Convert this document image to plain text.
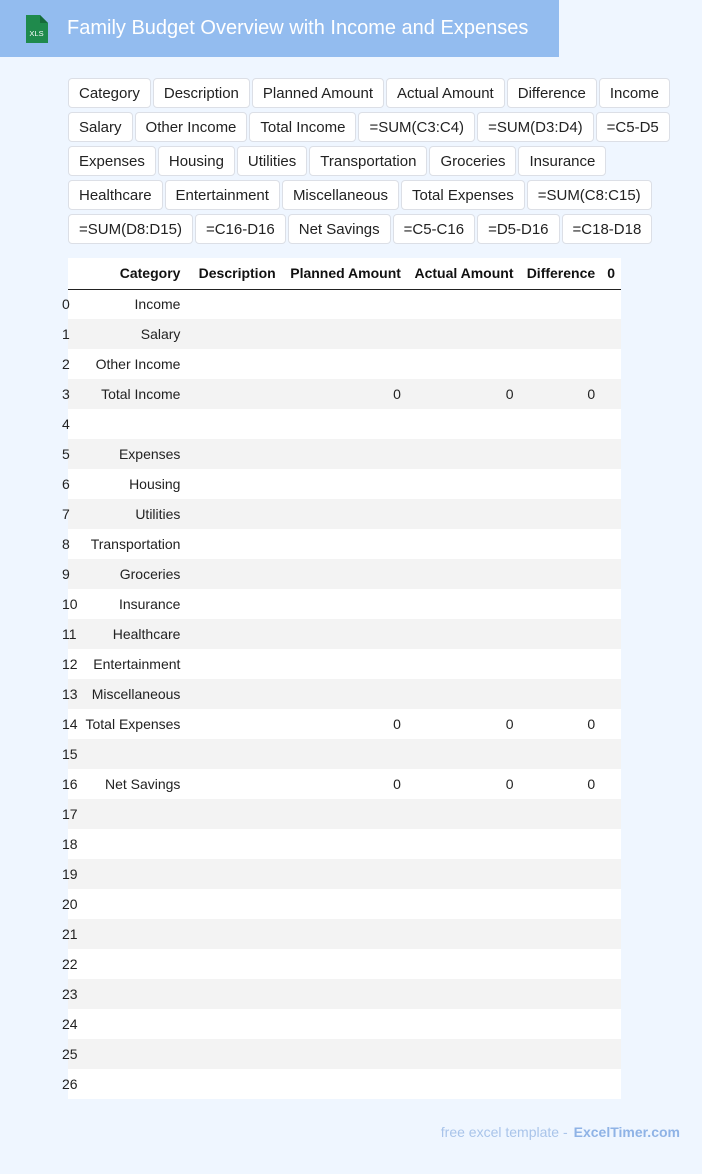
XLS Family Budget Overview with Income and Expenses
Category	Description	Planned Amount	Actual Amount	Difference	Income
Salary	Other Income	Total Income	=SUM(C3:C4)	=SUM(D3:D4)	=C5-D5
Expenses	Housing	Utilities	Transportation	Groceries	Insurance
Healthcare	Entertainment	Miscellaneous	Total Expenses	=SUM(C8:C15)
=SUM(D8:D15)	=C16-D16	Net Savings	=C5-C16	=D5-D16	=C18-D18
	Category	Description	Planned Amount	Actual Amount	Difference	0
0	Income					
1	Salary					
2	Other Income					
3	Total Income		0	0	0	
4						
5	Expenses					
6	Housing					
7	Utilities					
8	Transportation					
9	Groceries					
10	Insurance					
11	Healthcare					
12	Entertainment					
13	Miscellaneous					
14	Total Expenses		0	0	0	
15						
16	Net Savings		0	0	0	
17						
18						
19						
20						
21						
22						
23						
24						
25						
26						
free excel template - ExcelTimer.com
